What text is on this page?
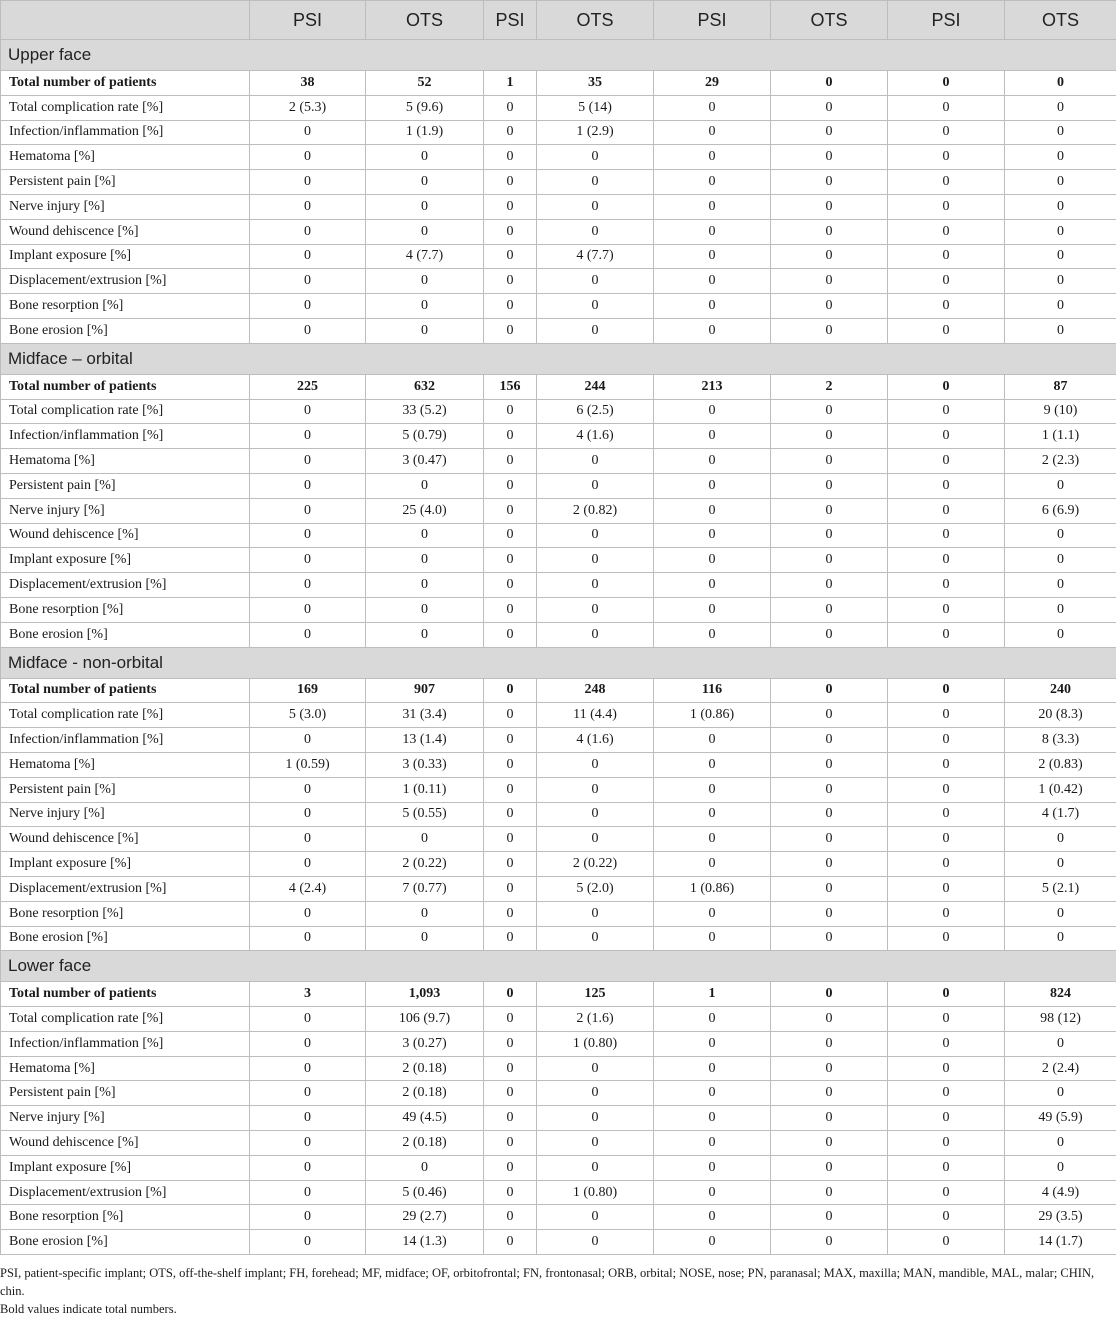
	PSI	OTS	PSI	OTS	PSI	OTS	PSI	OTS
Upper face								
Total number of patients	38	52	1	35	29	0	0	0
Total complication rate [%]	2 (5.3)	5 (9.6)	0	5 (14)	0	0	0	0
Infection/inflammation [%]	0	1 (1.9)	0	1 (2.9)	0	0	0	0
Hematoma [%]	0	0	0	0	0	0	0	0
Persistent pain [%]	0	0	0	0	0	0	0	0
Nerve injury [%]	0	0	0	0	0	0	0	0
Wound dehiscence [%]	0	0	0	0	0	0	0	0
Implant exposure [%]	0	4 (7.7)	0	4 (7.7)	0	0	0	0
Displacement/extrusion [%]	0	0	0	0	0	0	0	0
Bone resorption [%]	0	0	0	0	0	0	0	0
Bone erosion [%]	0	0	0	0	0	0	0	0
Midface – orbital								
Total number of patients	225	632	156	244	213	2	0	87
Total complication rate [%]	0	33 (5.2)	0	6 (2.5)	0	0	0	9 (10)
Infection/inflammation [%]	0	5 (0.79)	0	4 (1.6)	0	0	0	1 (1.1)
Hematoma [%]	0	3 (0.47)	0	0	0	0	0	2 (2.3)
Persistent pain [%]	0	0	0	0	0	0	0	0
Nerve injury [%]	0	25 (4.0)	0	2 (0.82)	0	0	0	6 (6.9)
Wound dehiscence [%]	0	0	0	0	0	0	0	0
Implant exposure [%]	0	0	0	0	0	0	0	0
Displacement/extrusion [%]	0	0	0	0	0	0	0	0
Bone resorption [%]	0	0	0	0	0	0	0	0
Bone erosion [%]	0	0	0	0	0	0	0	0
Midface - non-orbital								
Total number of patients	169	907	0	248	116	0	0	240
Total complication rate [%]	5 (3.0)	31 (3.4)	0	11 (4.4)	1 (0.86)	0	0	20 (8.3)
Infection/inflammation [%]	0	13 (1.4)	0	4 (1.6)	0	0	0	8 (3.3)
Hematoma [%]	1 (0.59)	3 (0.33)	0	0	0	0	0	2 (0.83)
Persistent pain [%]	0	1 (0.11)	0	0	0	0	0	1 (0.42)
Nerve injury [%]	0	5 (0.55)	0	0	0	0	0	4 (1.7)
Wound dehiscence [%]	0	0	0	0	0	0	0	0
Implant exposure [%]	0	2 (0.22)	0	2 (0.22)	0	0	0	0
Displacement/extrusion [%]	4 (2.4)	7 (0.77)	0	5 (2.0)	1 (0.86)	0	0	5 (2.1)
Bone resorption [%]	0	0	0	0	0	0	0	0
Bone erosion [%]	0	0	0	0	0	0	0	0
Lower face								
Total number of patients	3	1,093	0	125	1	0	0	824
Total complication rate [%]	0	106 (9.7)	0	2 (1.6)	0	0	0	98 (12)
Infection/inflammation [%]	0	3 (0.27)	0	1 (0.80)	0	0	0	0
Hematoma [%]	0	2 (0.18)	0	0	0	0	0	2 (2.4)
Persistent pain [%]	0	2 (0.18)	0	0	0	0	0	0
Nerve injury [%]	0	49 (4.5)	0	0	0	0	0	49 (5.9)
Wound dehiscence [%]	0	2 (0.18)	0	0	0	0	0	0
Implant exposure [%]	0	0	0	0	0	0	0	0
Displacement/extrusion [%]	0	5 (0.46)	0	1 (0.80)	0	0	0	4 (4.9)
Bone resorption [%]	0	29 (2.7)	0	0	0	0	0	29 (3.5)
Bone erosion [%]	0	14 (1.3)	0	0	0	0	0	14 (1.7)

PSI, patient-specific implant; OTS, off-the-shelf implant; FH, forehead; MF, midface; OF, orbitofrontal; FN, frontonasal; ORB, orbital; NOSE, nose; PN, paranasal; MAX, maxilla; MAN, mandible, MAL, malar; CHIN, chin.

Bold values indicate total numbers.
